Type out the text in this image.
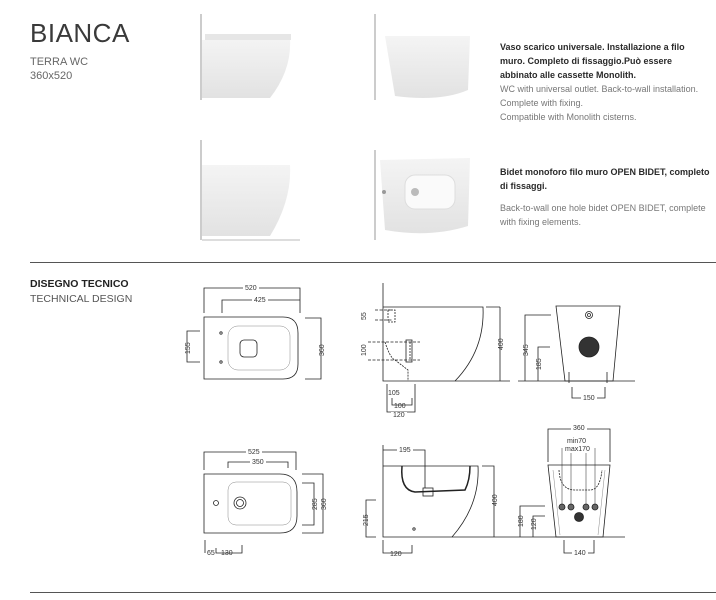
BIANCA
TERRA WC
360x520
Vaso scarico universale. Installazione a filo muro. Completo di fissaggio.Può essere abbinato alle cassette Monolith.
WC with universal outlet. Back-to-wall installation. Complete with fixing.
Compatible with Monolith cisterns.
Bidet monoforo filo muro OPEN BIDET, completo di fissaggi.
Back-to-wall one hole bidet OPEN BIDET, complete with fixing elements.
DISEGNO TECNICO
TECHNICAL DESIGN
520
425
155	360
55
100
400
105
100
120
345
185
150
525
350
285 360
65 130
195
400
215
120
360
min70
max170
180 120
140
